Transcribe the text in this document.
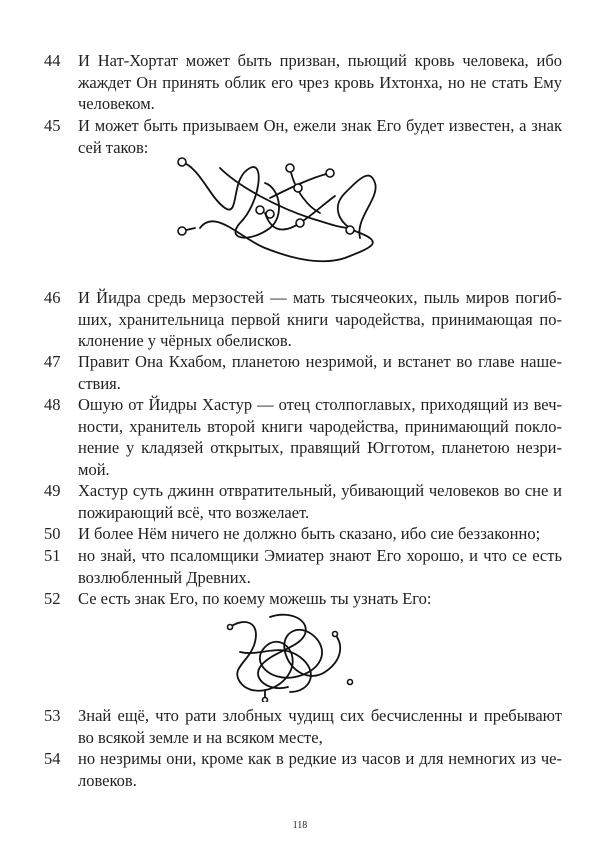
44 И Нат-Хортат может быть призван, пьющий кровь человека, ибо
жаждет Он принять облик его чрез кровь Ихтонха, но не стать Ему
человеком.
45 И может быть призываем Он, ежели знак Его будет известен, а знак
сей таков:
46 И Йидра средь мерзостей — мать тысячеоких, пыль миров погиб-
ших, хранительница первой книги чародейства, принимающая по-
клонение у чёрных обелисков.
47 Правит Она Кхабом, планетою незримой, и встанет во главе наше-
ствия.
48 Ошую от Йидры Хастур — отец столпоглавых, приходящий из веч-
ности, хранитель второй книги чародейства, принимающий покло-
нение у кладязей открытых, правящий Югготом, планетою незри-
мой.
49 Хастур суть джинн отвратительный, убивающий человеков во сне и
пожирающий всё, что возжелает.
50 И более Нём ничего не должно быть сказано, ибо сие беззаконно;
51 но знай, что псаломщики Эмиатер знают Его хорошо, и что се есть
возлюбленный Древних.
52 Се есть знак Его, по коему можешь ты узнать Его:
53 Знай ещё, что рати злобных чудищ сих бесчисленны и пребывают
во всякой земле и на всяком месте,
54 но незримы они, кроме как в редкие из часов и для немногих из че-
ловеков.
118
